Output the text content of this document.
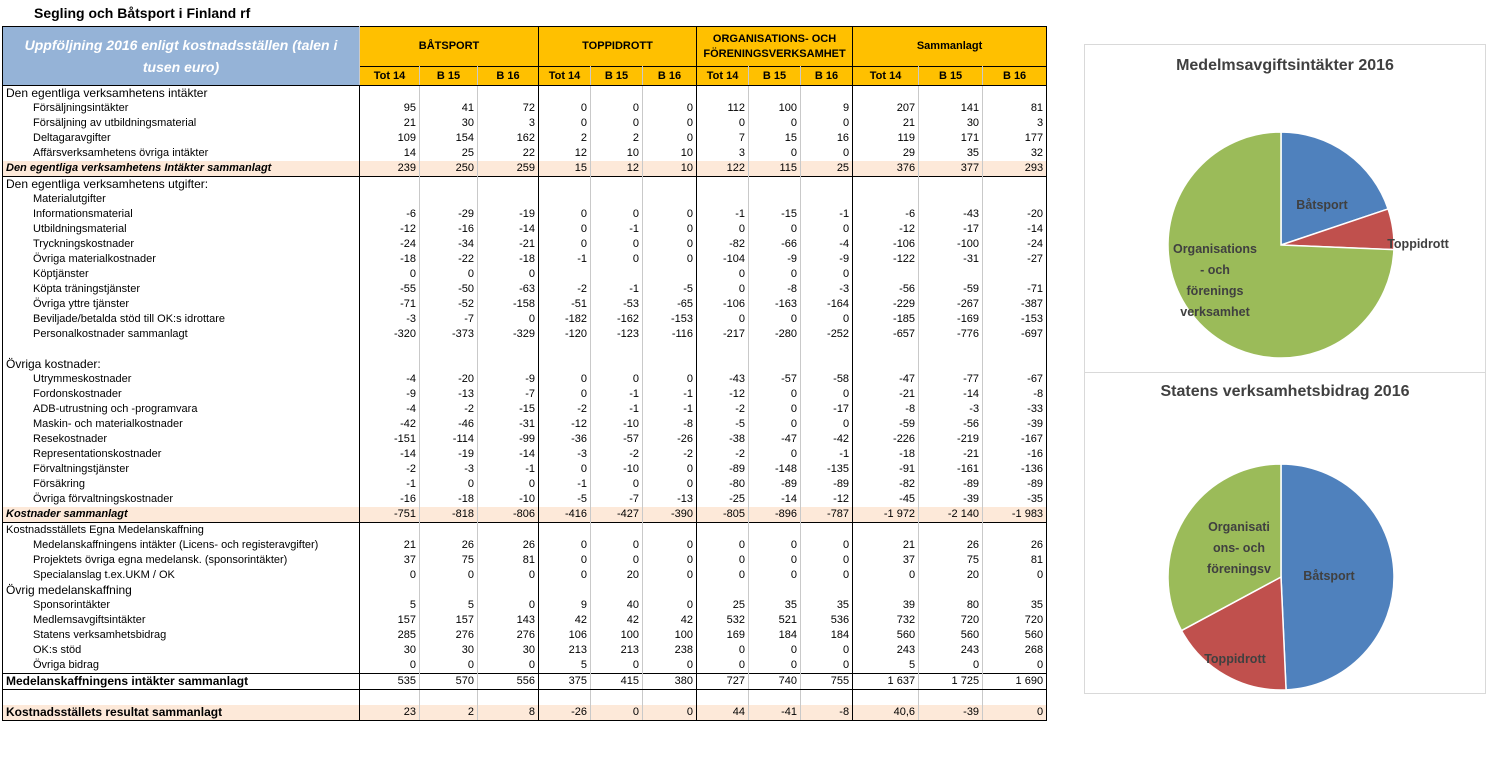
Segling och Båtsport i Finland rf
Uppföljning 2016 enligt kostnadsställen (talen i tusen euro)	BÅTSPORT			TOPPIDROTT			ORGANISATIONS- OCH FÖRENINGSVERKSAMHET			Sammanlagt		
	Tot 14	B 15	B 16	Tot 14	B 15	B 16	Tot 14	B 15	B 16	Tot 14	B 15	B 16
Den egentliga verksamhetens intäkter												
Försäljningsintäkter	95	41	72	0	0	0	112	100	9	207	141	81
Försäljning av utbildningsmaterial	21	30	3	0	0	0	0	0	0	21	30	3
Deltagaravgifter	109	154	162	2	2	0	7	15	16	119	171	177
Affärsverksamhetens övriga intäkter	14	25	22	12	10	10	3	0	0	29	35	32
Den egentliga verksamhetens Intäkter sammanlagt	239	250	259	15	12	10	122	115	25	376	377	293
Den egentliga verksamhetens utgifter:												
Materialutgifter												
Informationsmaterial	-6	-29	-19	0	0	0	-1	-15	-1	-6	-43	-20
Utbildningsmaterial	-12	-16	-14	0	-1	0	0	0	0	-12	-17	-14
Tryckningskostnader	-24	-34	-21	0	0	0	-82	-66	-4	-106	-100	-24
Övriga materialkostnader	-18	-22	-18	-1	0	0	-104	-9	-9	-122	-31	-27
Köptjänster	0	0	0				0	0	0			
Köpta träningstjänster	-55	-50	-63	-2	-1	-5	0	-8	-3	-56	-59	-71
Övriga yttre tjänster	-71	-52	-158	-51	-53	-65	-106	-163	-164	-229	-267	-387
Beviljade/betalda stöd till OK:s idrottare	-3	-7	0	-182	-162	-153	0	0	0	-185	-169	-153
Personalkostnader sammanlagt	-320	-373	-329	-120	-123	-116	-217	-280	-252	-657	-776	-697

Övriga kostnader:												
Utrymmeskostnader	-4	-20	-9	0	0	0	-43	-57	-58	-47	-77	-67
Fordonskostnader	-9	-13	-7	0	-1	-1	-12	0	0	-21	-14	-8
ADB-utrustning och -programvara	-4	-2	-15	-2	-1	-1	-2	0	-17	-8	-3	-33
Maskin- och materialkostnader	-42	-46	-31	-12	-10	-8	-5	0	0	-59	-56	-39
Resekostnader	-151	-114	-99	-36	-57	-26	-38	-47	-42	-226	-219	-167
Representationskostnader	-14	-19	-14	-3	-2	-2	-2	0	-1	-18	-21	-16
Förvaltningstjänster	-2	-3	-1	0	-10	0	-89	-148	-135	-91	-161	-136
Försäkring	-1	0	0	-1	0	0	-80	-89	-89	-82	-89	-89
Övriga förvaltningskostnader	-16	-18	-10	-5	-7	-13	-25	-14	-12	-45	-39	-35
Kostnader sammanlagt	-751	-818	-806	-416	-427	-390	-805	-896	-787	-1 972	-2 140	-1 983
Kostnadsställets Egna Medelanskaffning												
Medelanskaffningens intäkter (Licens- och registeravgifter)	21	26	26	0	0	0	0	0	0	21	26	26
Projektets övriga egna medelansk. (sponsorintäkter)	37	75	81	0	0	0	0	0	0	37	75	81
Specialanslag t.ex.UKM / OK	0	0	0	0	20	0	0	0	0	0	20	0
Övrig medelanskaffning												
Sponsorintäkter	5	5	0	9	40	0	25	35	35	39	80	35
Medlemsavgiftsintäkter	157	157	143	42	42	42	532	521	536	732	720	720
Statens verksamhetsbidrag	285	276	276	106	100	100	169	184	184	560	560	560
OK:s stöd	30	30	30	213	213	238	0	0	0	243	243	268
Övriga bidrag	0	0	0	5	0	0	0	0	0	5	0	0
Medelanskaffningens intäkter sammanlagt	535	570	556	375	415	380	727	740	755	1 637	1 725	1 690

Kostnadsställets resultat sammanlagt	23	2	8	-26	0	0	44	-41	-8	40,6	-39	0
Medelmsavgiftsintäkter 2016
Båtsport
Toppidrott
Organisations - och förenings verksamhet
Statens verksamhetsbidrag 2016
Båtsport
Toppidrott
Organisati ons- och föreningsv
